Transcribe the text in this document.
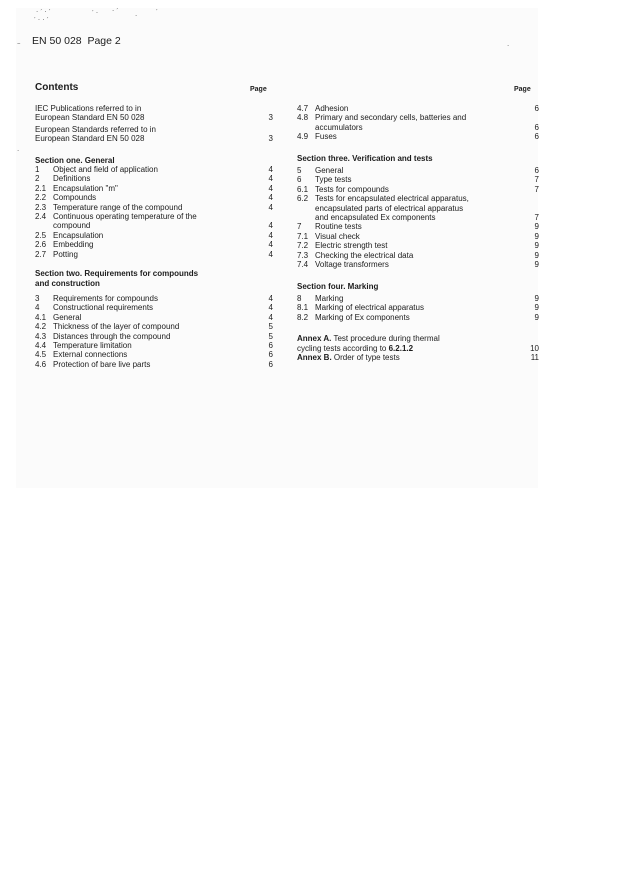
· ′ · ′
′ · · ′
′ · · ′
·	′
–
·
·
EN 50 028 Page 2
Contents	Page	Page
IEC Publications referred to in
European Standard EN 50 028	3
European Standards referred to in
European Standard EN 50 028	3
Section one. General
1	Object and field of application	4
2	Definitions	4
2.1 Encapsulation "m"	4
2.2 Compounds	4
2.3 Temperature range of the compound	4
2.4 Continuous operating temperature of the
compound	4
2.5 Encapsulation	4
2.6 Embedding	4
2.7 Potting	4
Section two. Requirements for compounds
and construction
3	Requirements for compounds	4
4	Constructional requirements	4
4.1 General	4
4.2 Thickness of the layer of compound	5
4.3 Distances through the compound	5
4.4 Temperature limitation	6
4.5 External connections	6
4.6 Protection of bare live parts	6
4.7 Adhesion	6
4.8 Primary and secondary cells, batteries and
accumulators	6
4.9 Fuses	6
Section three. Verification and tests
5	General	6
6	Type tests	7
6.1 Tests for compounds	7
6.2 Tests for encapsulated electrical apparatus,
encapsulated parts of electrical apparatus
and encapsulated Ex components	7
7	Routine tests	9
7.1 Visual check	9
7.2 Electric strength test	9
7.3 Checking the electrical data	9
7.4 Voltage transformers	9
Section four. Marking
8	Marking	9
8.1 Marking of electrical apparatus	9
8.2 Marking of Ex components	9
Annex A. Test procedure during thermal
cycling tests according to 6.2.1.2	10
Annex B. Order of type tests	11
